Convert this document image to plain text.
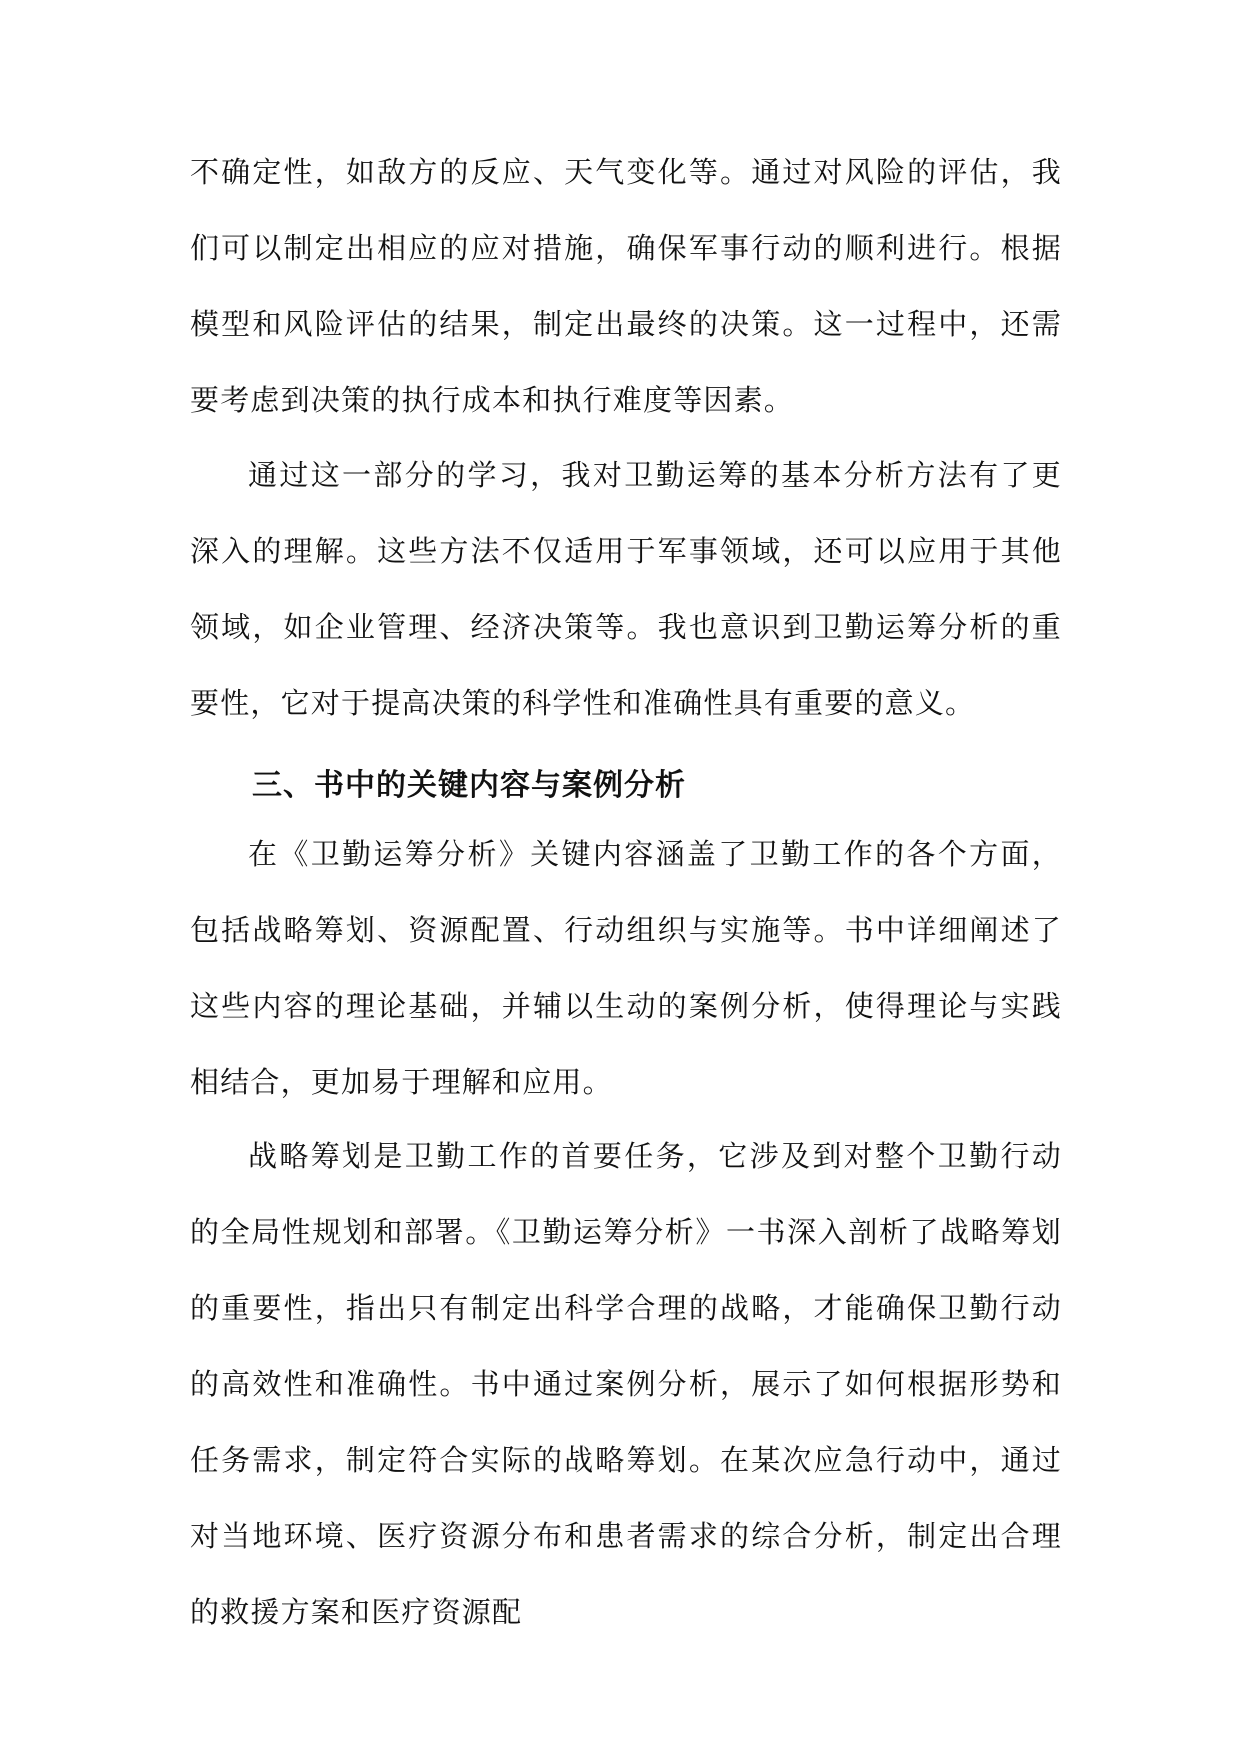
不确定性，如敌方的反应、天气变化等。通过对风险的评估，我们可以制定出相应的应对措施，确保军事行动的顺利进行。根据模型和风险评估的结果，制定出最终的决策。这一过程中，还需要考虑到决策的执行成本和执行难度等因素。

通过这一部分的学习，我对卫勤运筹的基本分析方法有了更深入的理解。这些方法不仅适用于军事领域，还可以应用于其他领域，如企业管理、经济决策等。我也意识到卫勤运筹分析的重要性，它对于提高决策的科学性和准确性具有重要的意义。

三、书中的关键内容与案例分析

在《卫勤运筹分析》关键内容涵盖了卫勤工作的各个方面，包括战略筹划、资源配置、行动组织与实施等。书中详细阐述了这些内容的理论基础，并辅以生动的案例分析，使得理论与实践相结合，更加易于理解和应用。

战略筹划是卫勤工作的首要任务，它涉及到对整个卫勤行动的全局性规划和部署。《卫勤运筹分析》一书深入剖析了战略筹划的重要性，指出只有制定出科学合理的战略，才能确保卫勤行动的高效性和准确性。书中通过案例分析，展示了如何根据形势和任务需求，制定符合实际的战略筹划。在某次应急行动中，通过对当地环境、医疗资源分布和患者需求的综合分析，制定出合理的救援方案和医疗资源配
